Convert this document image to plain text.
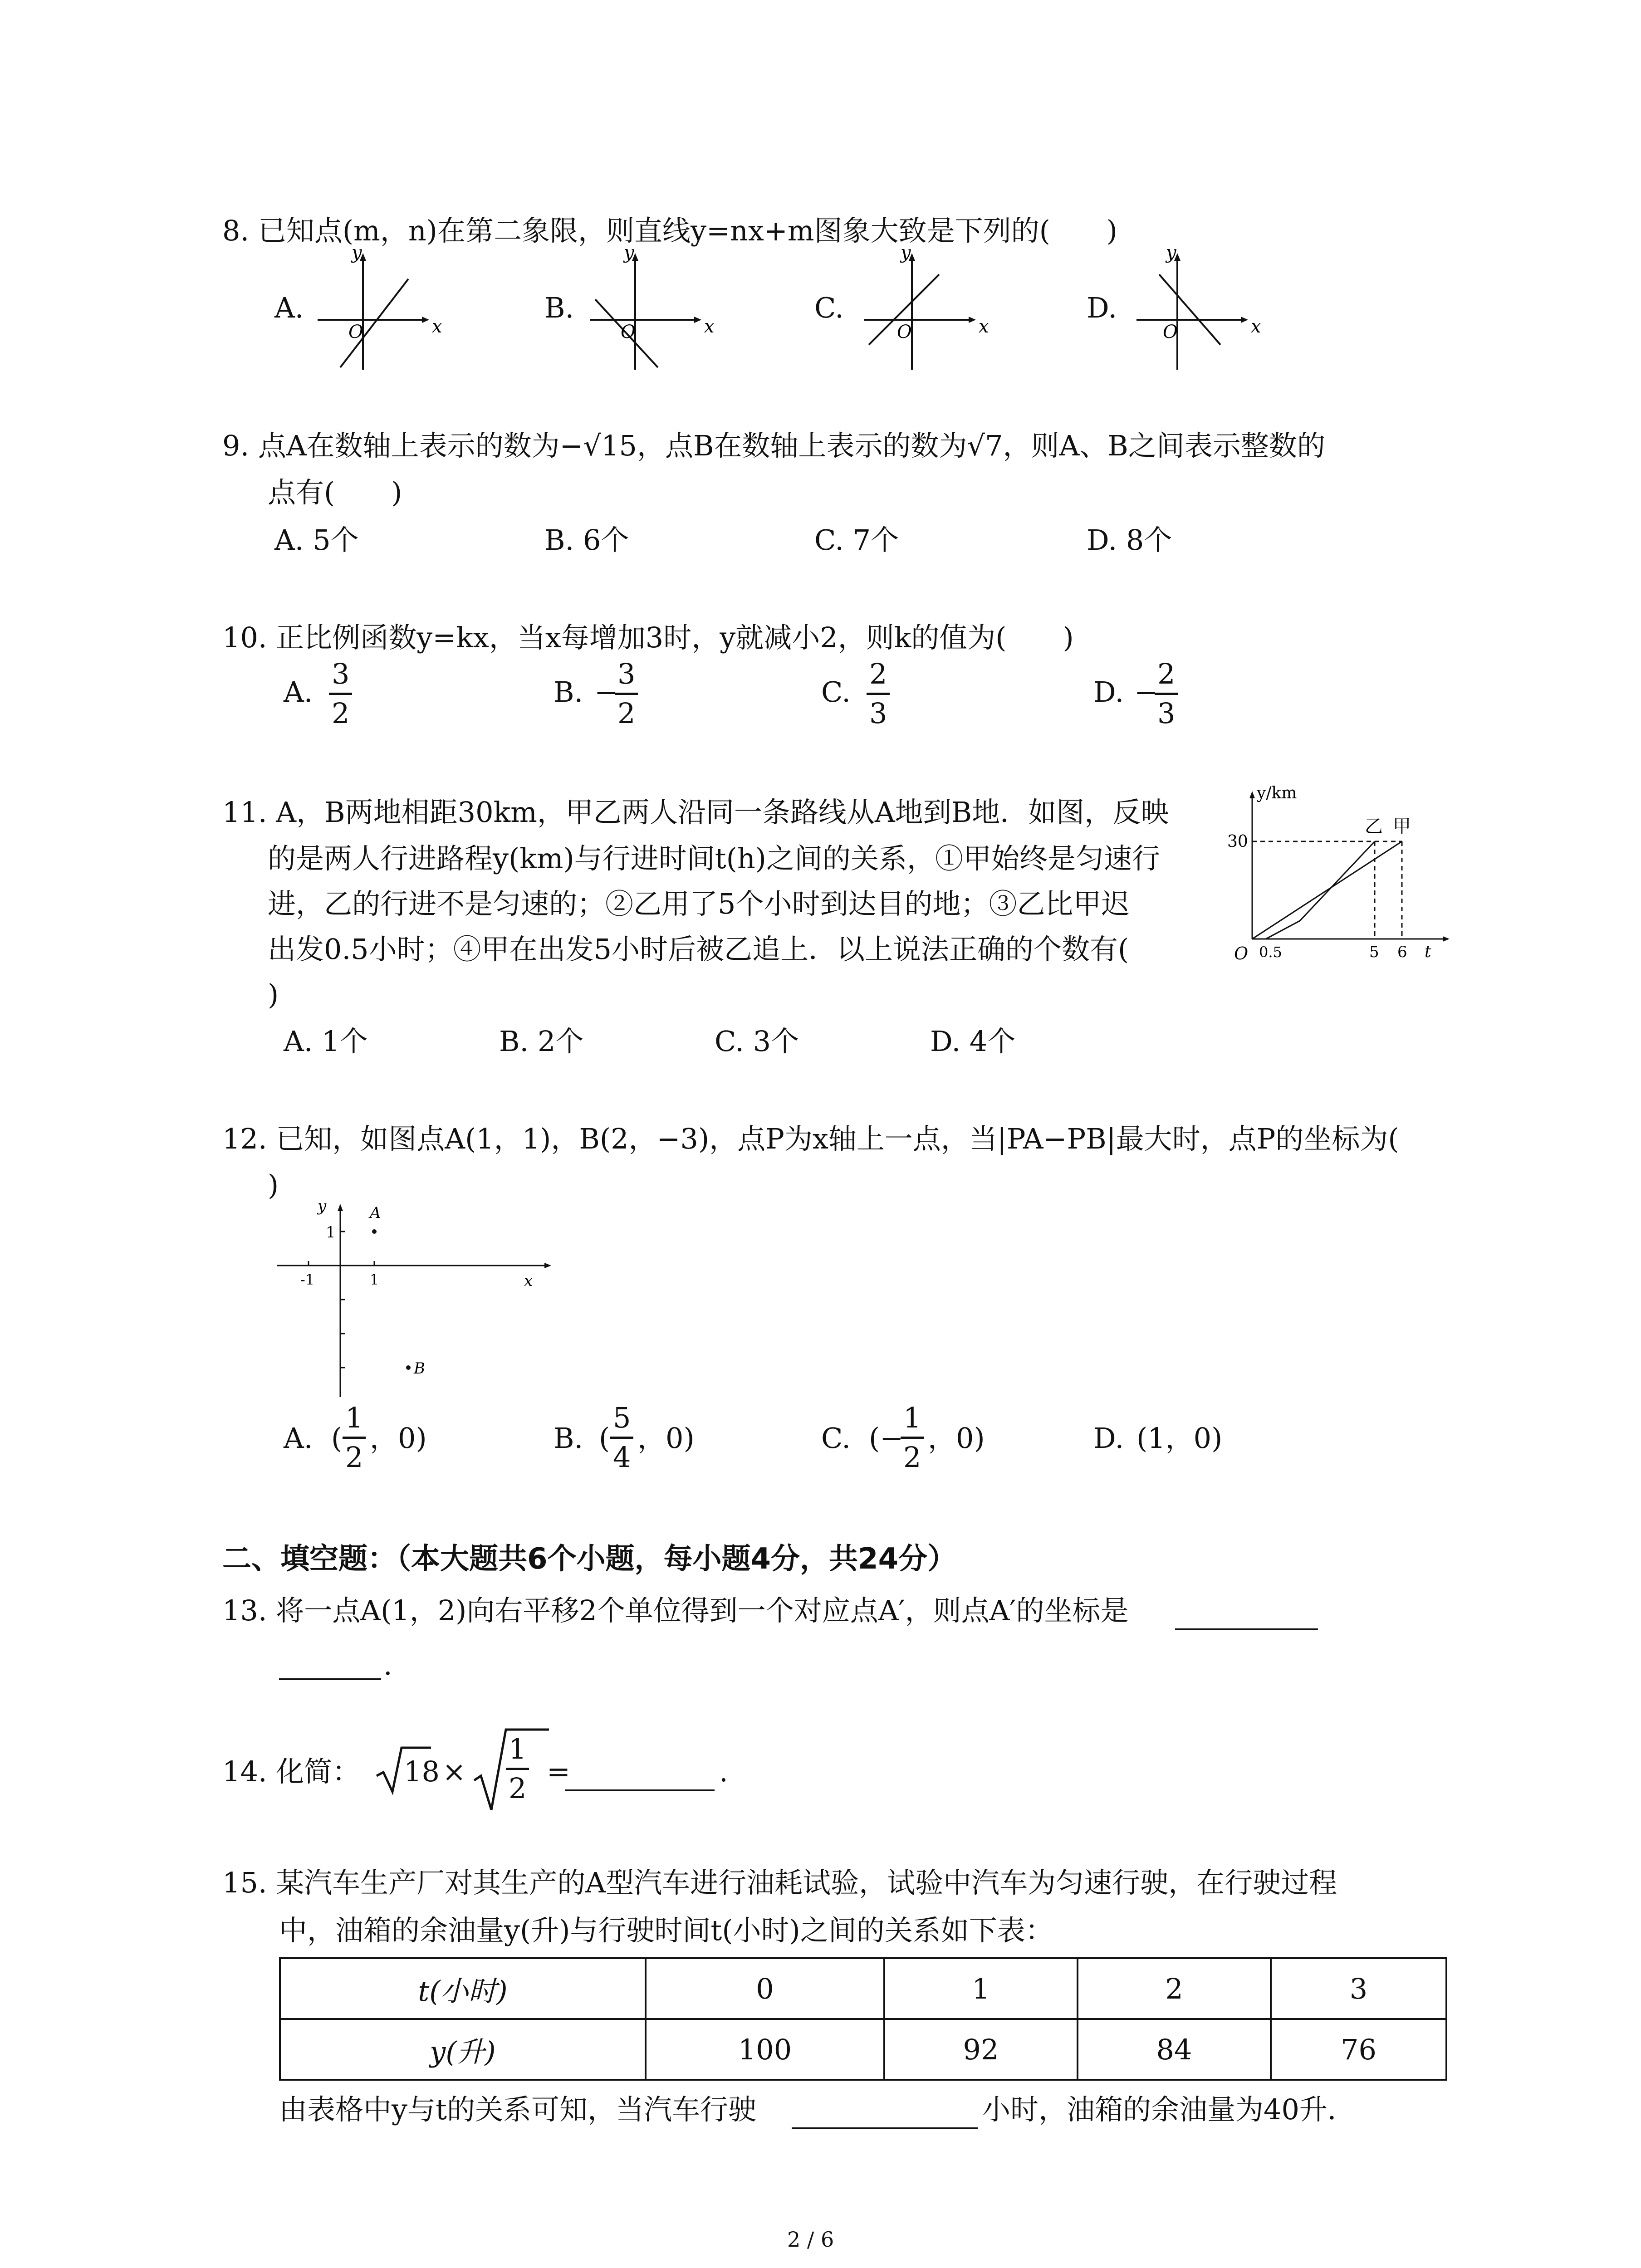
8. 已知点(m，n)在第二象限，则直线y=nx+m图象大致是下列的(　　)
A.
y
x
O
B.
y
x
O
C.
y
x
O
D.
y
x
O
9. 点A在数轴上表示的数为−√15，点B在数轴上表示的数为√7，则A、B之间表示整数的
点有(　　)
A. 5个	B. 6个	C. 7个	D. 8个
10. 正比例函数y=kx，当x每增加3时，y就减小2，则k的值为(　　)
A. $\frac{3}{2}$	B. −
$\frac{3}{2}$	C. $\frac{2}{3}$	D. −
$\frac{2}{3}$
11. A，B两地相距30km，甲乙两人沿同一条路线从A地到B地．如图，反映
的是两人行进路程y(km)与行进时间t(h)之间的关系，①甲始终是匀速行
进，乙的行进不是匀速的；②乙用了5个小时到达目的地；③乙比甲迟
出发0.5小时；④甲在出发5小时后被乙追上．以上说法正确的个数有(
)
y/km
30
乙 甲
O 0.5	5 6 t
A. 1个	B. 2个	C. 3个	D. 4个
12. 已知，如图点A(1，1)，B(2，−3)，点P为x轴上一点，当|PA−PB|最大时，点P的坐标为(
)
y
x
1
-1	1
A
B
A. ( $\frac{1}{2}$ ，0)	B. ( $\frac{5}{4}$ ，0)	C. (−
$\frac{1}{2}$ ，0)	D. (1，0)
二、填空题：（本大题共6个小题，每小题4分，共24分）
13. 将一点A(1，2)向右平移2个单位得到一个对应点A′，则点A′的坐标是
.
14. 化简： $18 \times \frac{1}{2}$ =	.
15. 某汽车生产厂对其生产的A型汽车进行油耗试验，试验中汽车为匀速行驶，在行驶过程
中，油箱的余油量y(升)与行驶时间t(小时)之间的关系如下表：
t(小时)	0	1	2	3
y(升)	100	92	84	76
由表格中y与t的关系可知，当汽车行驶	小时，油箱的余油量为40升．
2 / 6
